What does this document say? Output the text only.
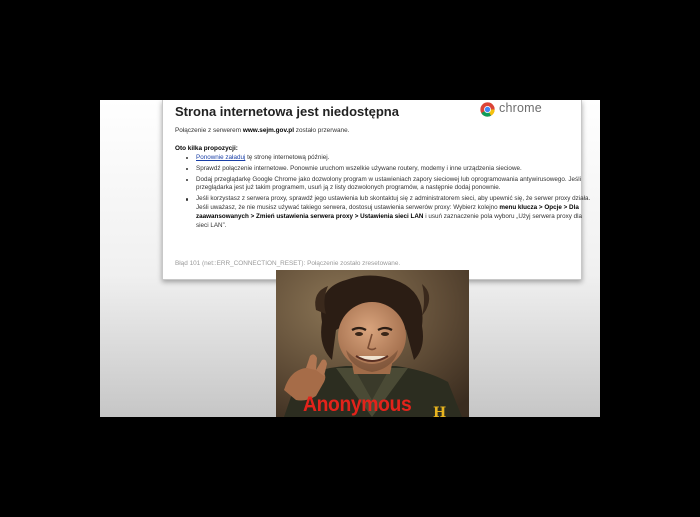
Strona internetowa jest niedostępna	chrome
Połączenie z serwerem www.sejm.gov.pl zostało przerwane.
Oto kilka propozycji:
Ponownie załaduj tę stronę internetową później.
Sprawdź połączenie internetowe. Ponownie uruchom wszelkie używane routery, modemy i inne urządzenia sieciowe.
Dodaj przeglądarkę Google Chrome jako dozwolony program w ustawieniach zapory sieciowej lub oprogramowania antywirusowego. Jeśli przeglądarka jest już takim programem, usuń ją z listy dozwolonych programów, a następnie dodaj ponownie.
Jeśli korzystasz z serwera proxy, sprawdź jego ustawienia lub skontaktuj się z administratorem sieci, aby upewnić się, że serwer proxy działa. Jeśli uważasz, że nie musisz używać takiego serwera, dostosuj ustawienia serwerów proxy: Wybierz kolejno menu klucza > Opcje > Dla zaawansowanych > Zmień ustawienia serwera proxy > Ustawienia sieci LAN i usuń zaznaczenie pola wyboru „Użyj serwera proxy dla sieci LAN”.
Błąd 101 (net::ERR_CONNECTION_RESET): Połączenie zostało zresetowane.
Anonymous H
